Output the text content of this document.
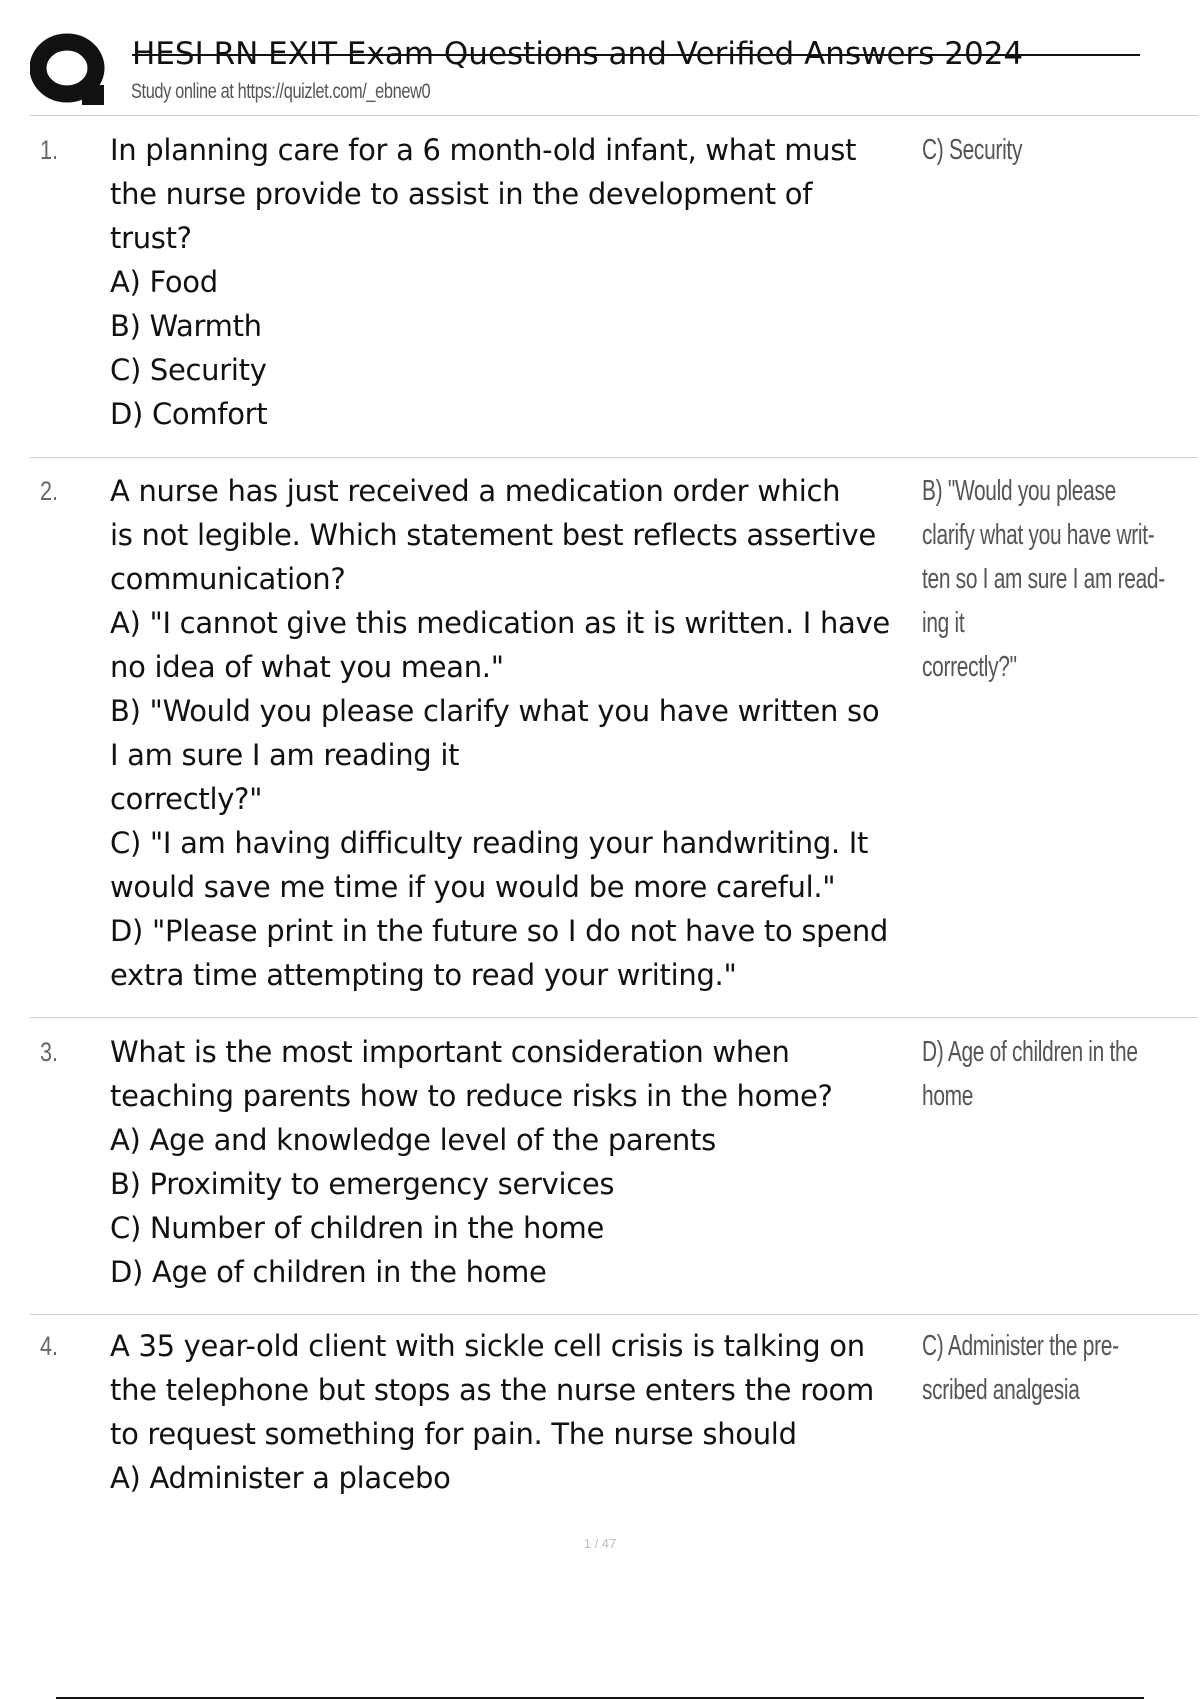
HESI RN EXIT Exam Questions and Verified Answers 2024
Study online at https://quizlet.com/_ebnew0
1. In planning care for a 6 month-old infant, what must
the nurse provide to assist in the development of
trust?
A) Food
B) Warmth
C) Security
D) Comfort
C) Security
2. A nurse has just received a medication order which
is not legible. Which statement best reflects assertive
communication?
A) "I cannot give this medication as it is written. I have
no idea of what you mean."
B) "Would you please clarify what you have written so
I am sure I am reading it
correctly?"
C) "I am having difficulty reading your handwriting. It
would save me time if you would be more careful."
D) "Please print in the future so I do not have to spend
extra time attempting to read your writing."
B) "Would you please
clarify what you have writ-
ten so I am sure I am read-
ing it
correctly?"
3. What is the most important consideration when
teaching parents how to reduce risks in the home?
A) Age and knowledge level of the parents
B) Proximity to emergency services
C) Number of children in the home
D) Age of children in the home
D) Age of children in the
home
4. A 35 year-old client with sickle cell crisis is talking on
the telephone but stops as the nurse enters the room
to request something for pain. The nurse should
A) Administer a placebo
C) Administer the pre-
scribed analgesia
1 / 47
